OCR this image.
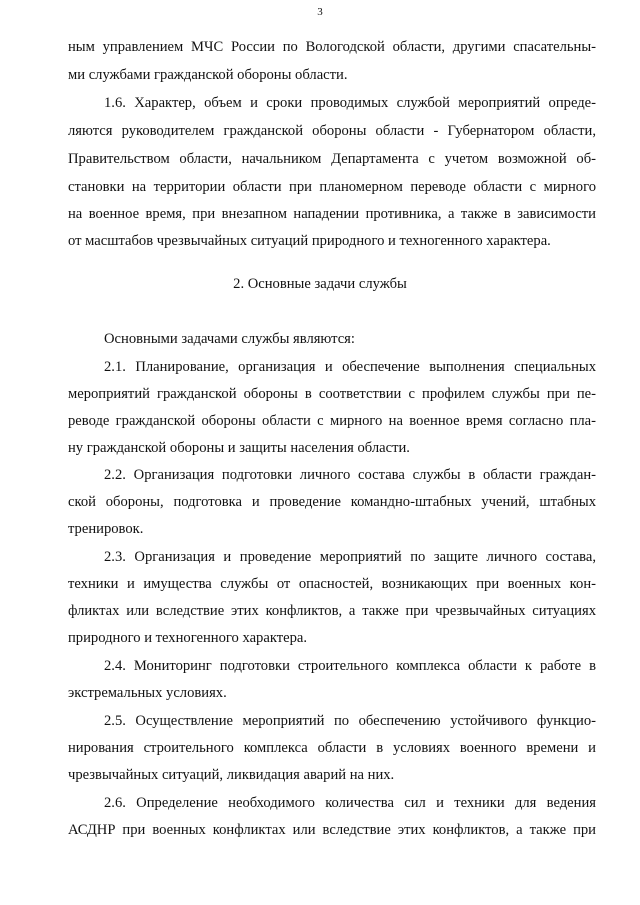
3
ным управлением МЧС России по Вологодской области, другими спасательны-
ми службами гражданской обороны области.
1.6. Характер, объем и сроки проводимых службой мероприятий опреде-
ляются руководителем гражданской обороны области - Губернатором области,
Правительством области, начальником Департамента с учетом возможной об-
становки на территории области при планомерном переводе области с мирного
на военное время, при внезапном нападении противника, а также в зависимости
от масштабов чрезвычайных ситуаций природного и техногенного характера.
2. Основные задачи службы
Основными задачами службы являются:
2.1. Планирование, организация и обеспечение выполнения специальных
мероприятий гражданской обороны в соответствии с профилем службы при пе-
реводе гражданской обороны области с мирного на военное время согласно пла-
ну гражданской обороны и защиты населения области.
2.2. Организация подготовки личного состава службы в области граждан-
ской обороны, подготовка и проведение командно-штабных учений, штабных
тренировок.
2.3. Организация и проведение мероприятий по защите личного состава,
техники и имущества службы от опасностей, возникающих при военных кон-
фликтах или вследствие этих конфликтов, а также при чрезвычайных ситуациях
природного и техногенного характера.
2.4. Мониторинг подготовки строительного комплекса области к работе в
экстремальных условиях.
2.5. Осуществление мероприятий по обеспечению устойчивого функцио-
нирования строительного комплекса области в условиях военного времени и
чрезвычайных ситуаций, ликвидация аварий на них.
2.6. Определение необходимого количества сил и техники для ведения
АСДНР при военных конфликтах или вследствие этих конфликтов, а также при
